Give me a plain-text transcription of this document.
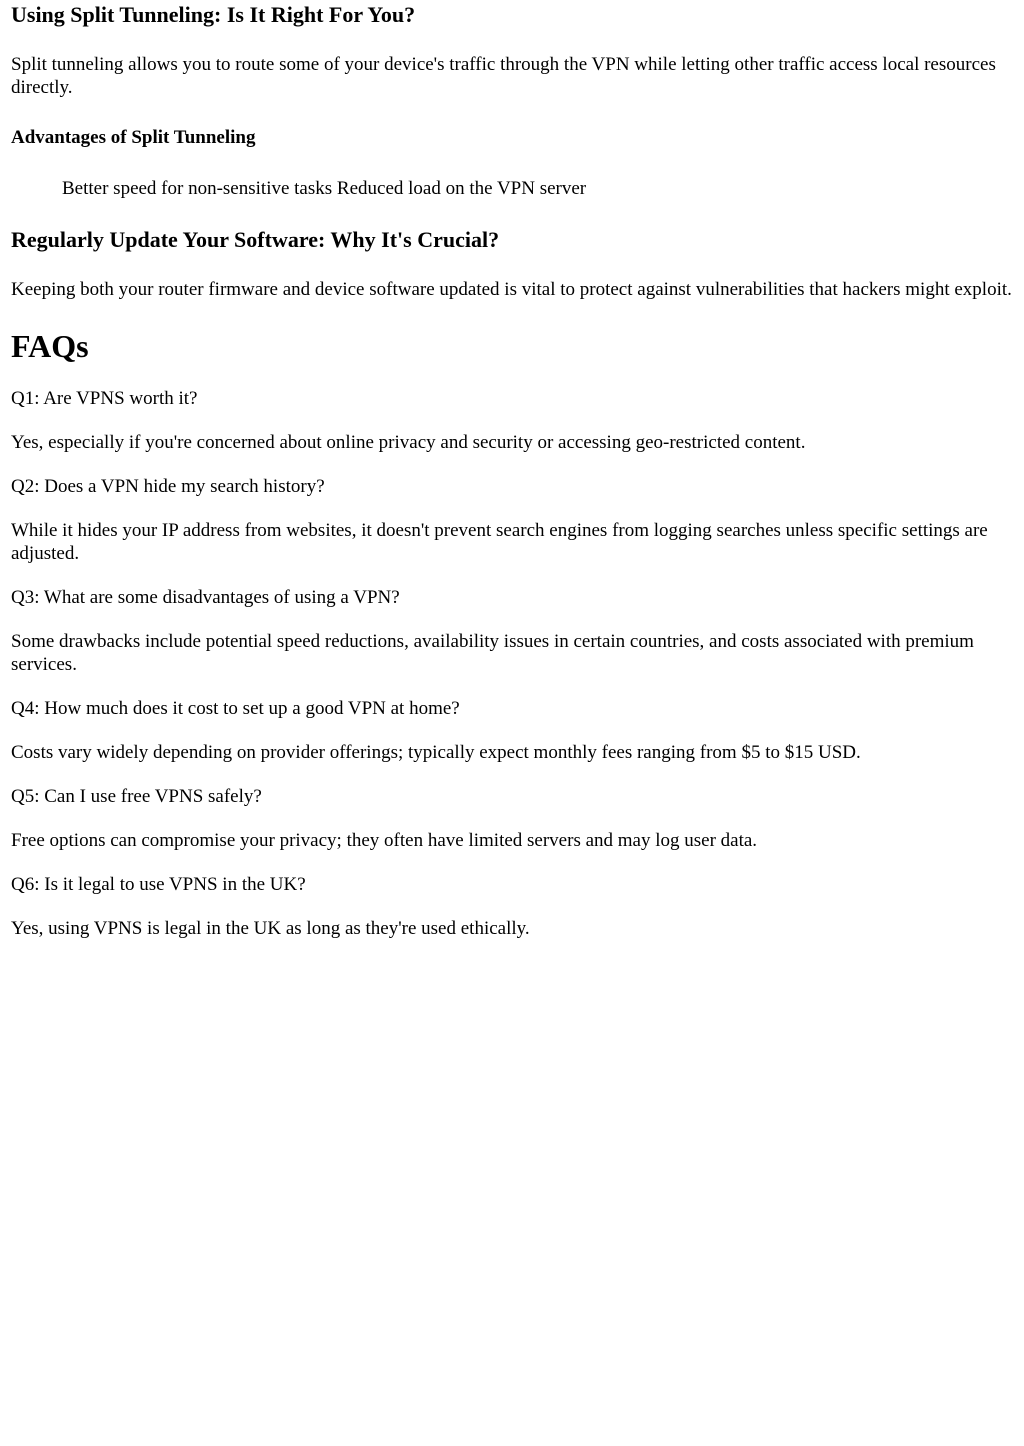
Using Split Tunneling: Is It Right For You?

Split tunneling allows you to route some of your device's traffic through the VPN while letting other traffic access local resources directly.

Advantages of Split Tunneling
Better speed for non-sensitive tasks Reduced load on the VPN server
Regularly Update Your Software: Why It's Crucial?

Keeping both your router firmware and device software updated is vital to protect against vulnerabilities that hackers might exploit.

FAQs

Q1: Are VPNS worth it?

Yes, especially if you're concerned about online privacy and security or accessing geo-restricted content.

Q2: Does a VPN hide my search history?

While it hides your IP address from websites, it doesn't prevent search engines from logging searches unless specific settings are adjusted.

Q3: What are some disadvantages of using a VPN?

Some drawbacks include potential speed reductions, availability issues in certain countries, and costs associated with premium services.

Q4: How much does it cost to set up a good VPN at home?

Costs vary widely depending on provider offerings; typically expect monthly fees ranging from $5 to $15 USD.

Q5: Can I use free VPNS safely?

Free options can compromise your privacy; they often have limited servers and may log user data.

Q6: Is it legal to use VPNS in the UK?

Yes, using VPNS is legal in the UK as long as they're used ethically.
